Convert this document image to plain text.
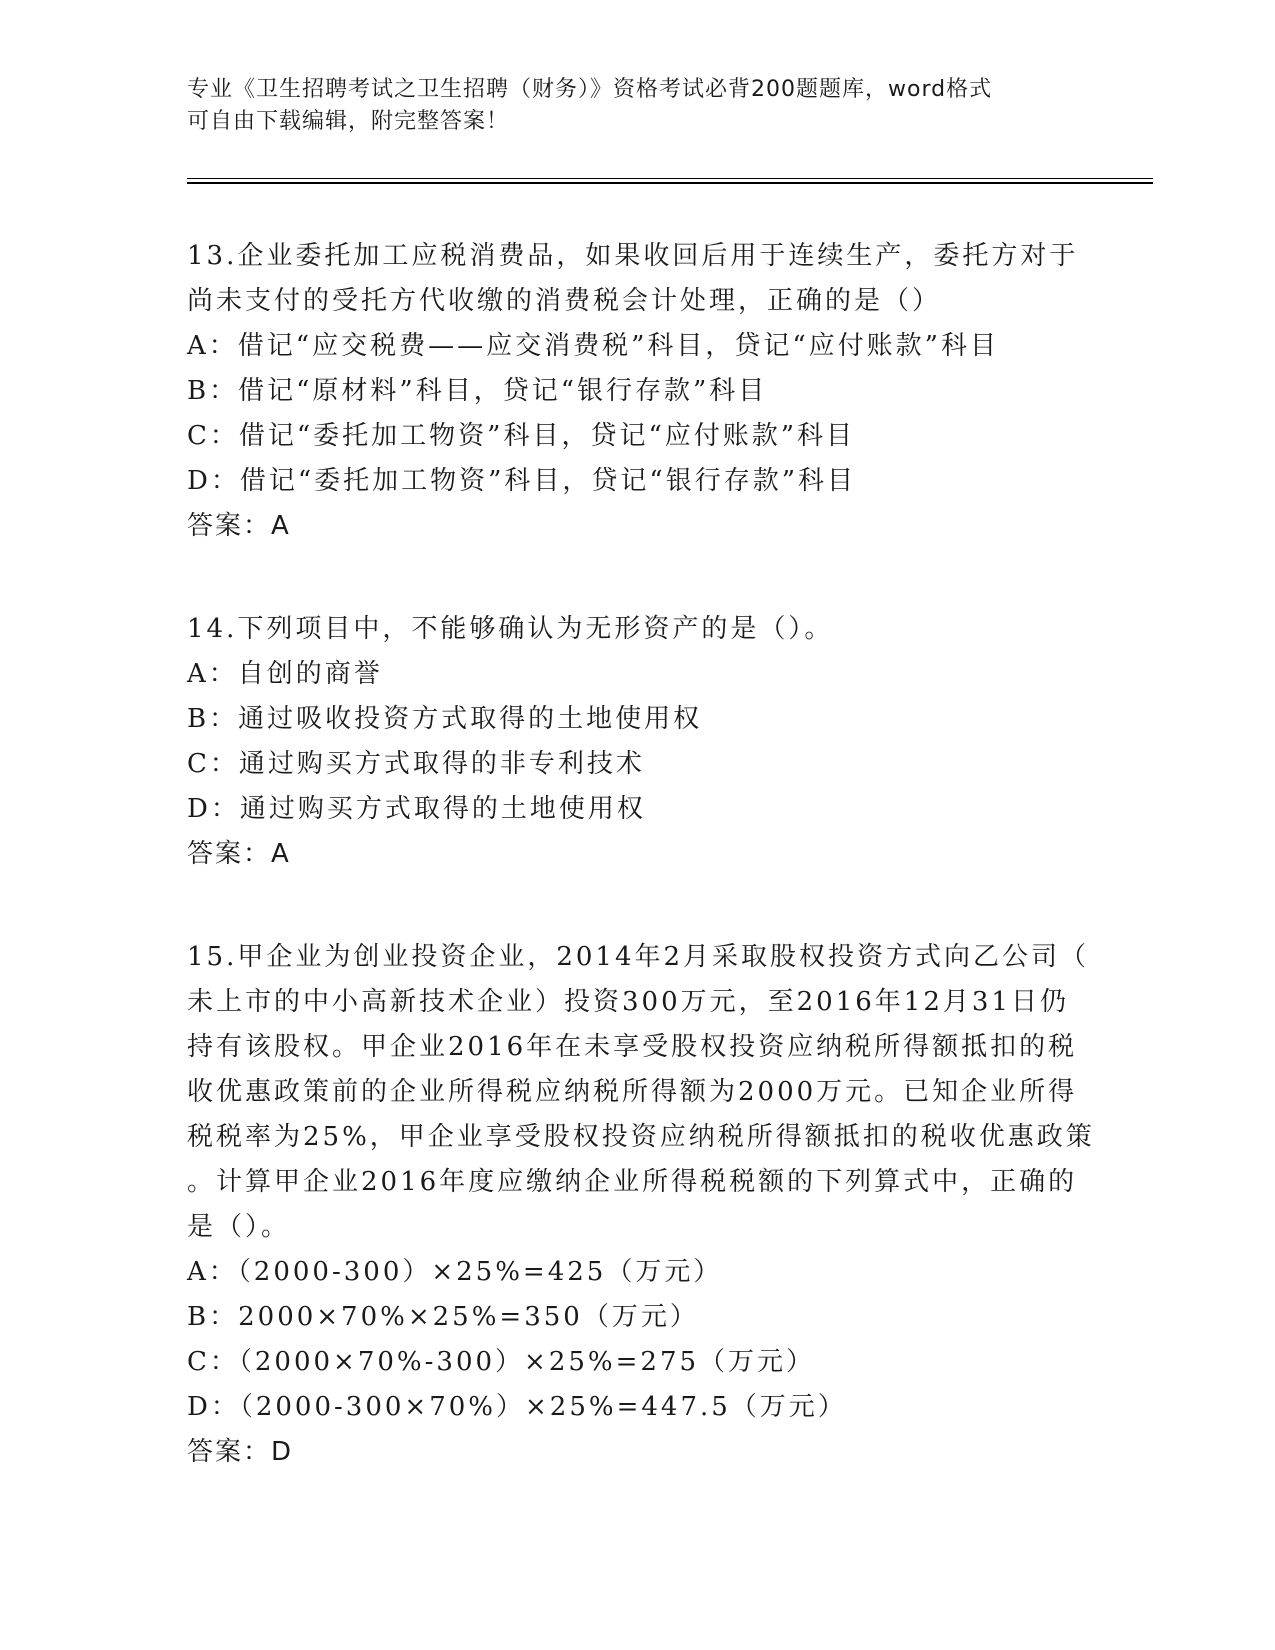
专业《卫生招聘考试之卫生招聘（财务）》资格考试必背200题题库，word格式

可自由下载编辑，附完整答案！

13.企业委托加工应税消费品，如果收回后用于连续生产，委托方对于
尚未支付的受托方代收缴的消费税会计处理，正确的是（）
A：借记“应交税费——应交消费税”科目，贷记“应付账款”科目
B：借记“原材料”科目，贷记“银行存款”科目
C：借记“委托加工物资”科目，贷记“应付账款”科目
D：借记“委托加工物资”科目，贷记“银行存款”科目
答案：A
14.下列项目中，不能够确认为无形资产的是（）。
A：自创的商誉
B：通过吸收投资方式取得的土地使用权
C：通过购买方式取得的非专利技术
D：通过购买方式取得的土地使用权
答案：A
15.甲企业为创业投资企业，2014年2月采取股权投资方式向乙公司（
未上市的中小高新技术企业）投资300万元，至2016年12月31日仍
持有该股权。甲企业2016年在未享受股权投资应纳税所得额抵扣的税
收优惠政策前的企业所得税应纳税所得额为2000万元。已知企业所得
税税率为25%，甲企业享受股权投资应纳税所得额抵扣的税收优惠政策
。计算甲企业2016年度应缴纳企业所得税税额的下列算式中，正确的
是（）。
A：（2000-300）×25%=425（万元）
B：2000×70%×25%=350（万元）
C：（2000×70%-300）×25%=275（万元）
D：（2000-300×70%）×25%=447.5（万元）
答案：D
